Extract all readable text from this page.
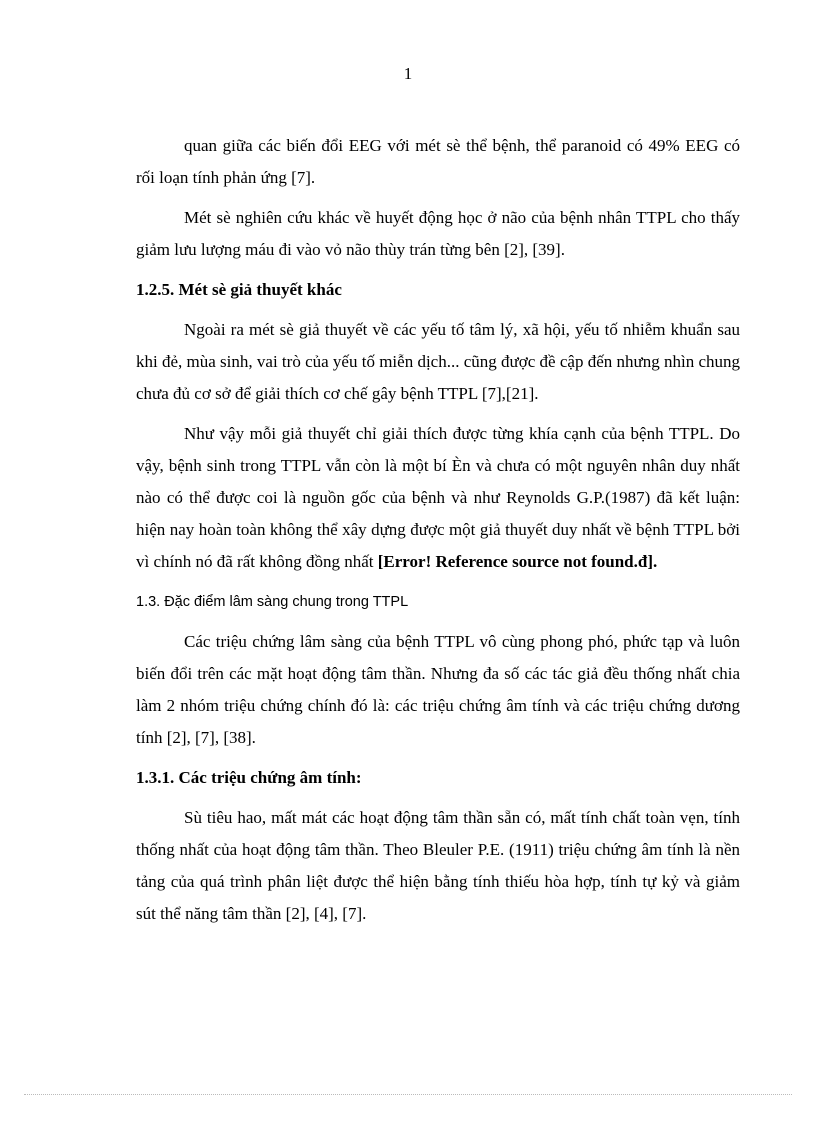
1

quan giữa các biến đổi EEG với mét sè thể bệnh, thể paranoid có 49% EEG có rối loạn tính phản ứng [7].

Mét sè nghiên cứu khác về huyết động học ở não của bệnh nhân TTPL cho thấy giảm lưu lượng máu đi vào vỏ não thùy trán từng bên [2], [39].

1.2.5. Mét sè giả thuyết khác

Ngoài ra mét sè giả thuyết về các yếu tố tâm lý, xã hội, yếu tố nhiễm khuẩn sau khi đẻ, mùa sinh, vai trò của yếu tố miễn dịch... cũng được đề cập đến nhưng nhìn chung chưa đủ cơ sở để giải thích cơ chế gây bệnh TTPL [7],[21].

Như vậy mỗi giả thuyết chỉ giải thích được từng khía cạnh của bệnh TTPL. Do vậy, bệnh sinh trong TTPL vẫn còn là một bí Èn và chưa có một nguyên nhân duy nhất nào có thể được coi là nguồn gốc của bệnh và như Reynolds G.P.(1987) đã kết luận: hiện nay hoàn toàn không thể xây dựng được một giả thuyết duy nhất về bệnh TTPL bởi vì chính nó đã rất không đồng nhất [Error! Reference source not found.đ].

1.3. Đặc điểm lâm sàng chung trong TTPL

Các triệu chứng lâm sàng của bệnh TTPL vô cùng phong phó, phức tạp và luôn biến đổi trên các mặt hoạt động tâm thần. Nhưng đa số các tác giả đều thống nhất chia làm 2 nhóm triệu chứng chính đó là: các triệu chứng âm tính và các triệu chứng dương tính [2], [7], [38].

1.3.1. Các triệu chứng âm tính:

Sù tiêu hao, mất mát các hoạt động tâm thần sẵn có, mất tính chất toàn vẹn, tính thống nhất của hoạt động tâm thần. Theo Bleuler P.E. (1911) triệu chứng âm tính là nền tảng của quá trình phân liệt được thể hiện bằng tính thiếu hòa hợp, tính tự kỷ và giảm sút thể năng tâm thần [2], [4], [7].
